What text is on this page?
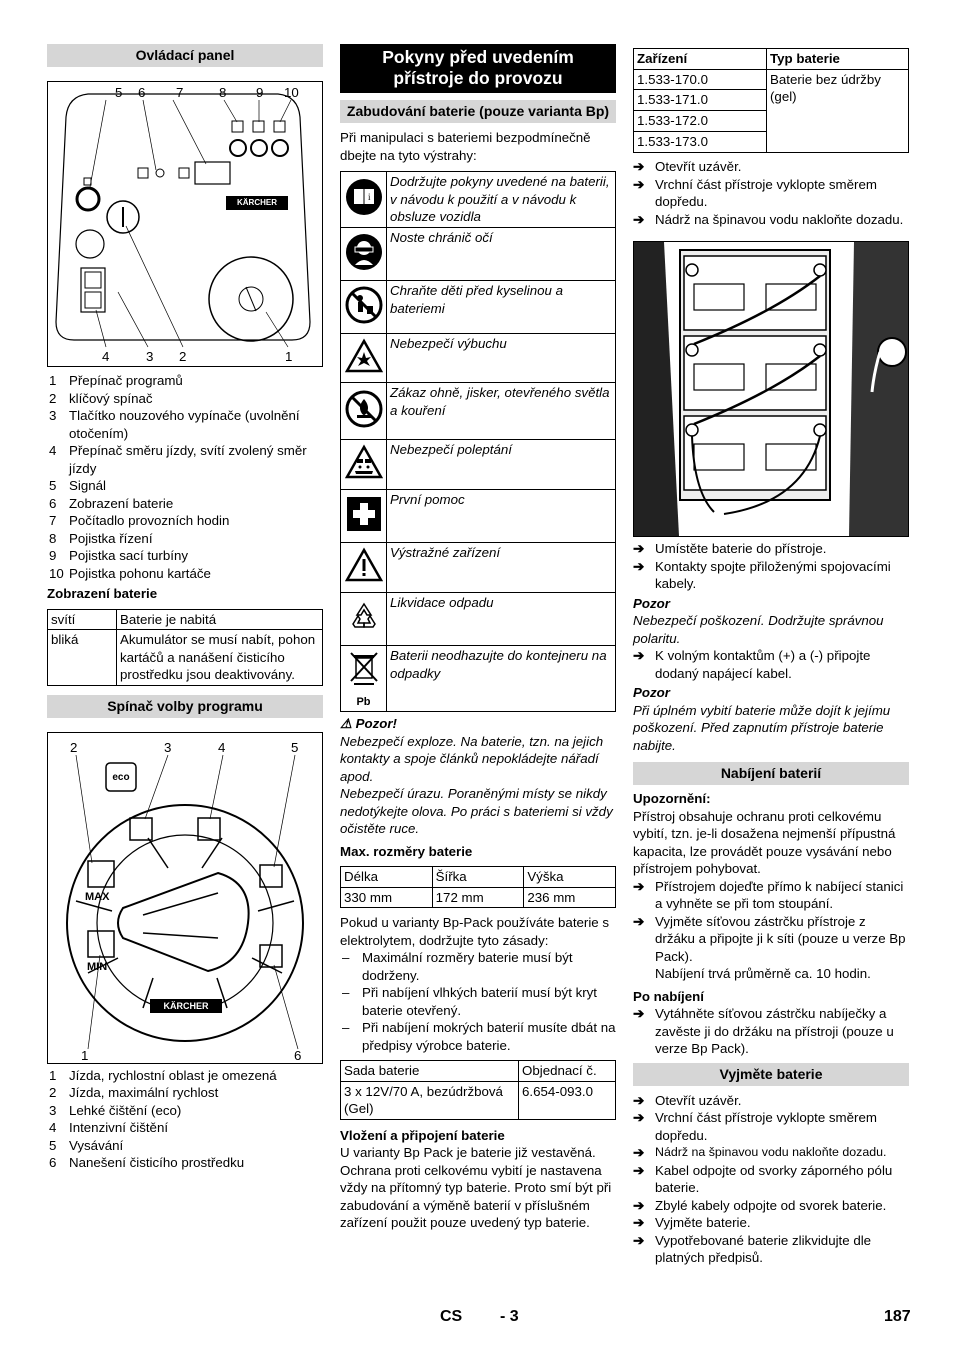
Ovládací panel
KÄRCHER
5 6 7	8 9 10
4	3 2	1
1 Přepínač programů
2 klíčový spínač
3 Tlačítko nouzového vypínače (uvolnění otočením)
4 Přepínač směru jízdy, svítí zvolený směr jízdy
5 Signál
6 Zobrazení baterie
7 Počítadlo provozních hodin
8 Pojistka řízení
9 Pojistka sací turbíny
10 Pojistka pohonu kartáče
Zobrazení baterie
svítí	Baterie je nabitá
bliká	Akumulátor se musí nabít, pohon kartáčů a nanášení čisticího prostředku jsou deaktivovány.
Spínač volby programu
eco
MAX
MIN
KÄRCHER
2	3	4	5
1	6
1 Jízda, rychlostní oblast je omezená
2 Jízda, maximální rychlost
3 Lehké čištění (eco)
4 Intenzivní čištění
5 Vysávání
6 Nanešení čisticího prostředku
Pokyny před uvedením přístroje do provozu
Zabudování baterie (pouze varianta Bp)

Při manipulaci s bateriemi bezpodmínečně dbejte na tyto výstrahy:

i	Dodržujte pokyny uvedené na baterii, v návodu k použití a v návodu k obsluze vozidla
	Noste chránič očí
	Chraňte děti před kyselinou a bateriemi
	Nebezpečí výbuchu
	Zákaz ohně, jisker, otevřeného světla a kouření
	Nebezpečí poleptání
	První pomoc
	Výstražné zařízení
	Likvidace odpadu

Pb	Baterii neodhazujte do kontejneru na odpadky
⚠ Pozor!

Nebezpečí exploze. Na baterie, tzn. na jejich kontakty a spoje článků nepokládejte nářadí apod.

Nebezpečí úrazu. Poraněnými místy se nikdy nedotýkejte olova. Po práci s bateriemi si vždy očistěte ruce.

Max. rozměry baterie
Délka	Šířka	Výška
330 mm	172 mm	236 mm

Pokud u varianty Bp-Pack používáte baterie s elektrolytem, dodržujte tyto zásady:

– Maximální rozměry baterie musí být dodrženy.
– Při nabíjení vlhkých baterií musí být kryt baterie otevřený.
– Při nabíjení mokrých baterií musíte dbát na předpisy výrobce baterie.
Sada baterie	Objednací č.
3 x 12V/70 A, bezúdržbová (Gel)	6.654-093.0
Vložení a připojení baterie

U varianty Bp Pack je baterie již vestavěná. Ochrana proti celkovému vybití je nastavena vždy na přítomný typ baterie. Proto smí být při zabudování a výměně baterií v příslušném zařízení použit pouze uvedený typ baterie.

Zařízení	Typ baterie
1.533-170.0	Baterie bez údržby (gel)
1.533-171.0	
1.533-172.0	
1.533-173.0	
➔ Otevřít uzávěr.
➔ Vrchní část přístroje vyklopte směrem dopředu.
➔ Nádrž na špinavou vodu nakloňte dozadu.
➔ Umístěte baterie do přístroje.
➔ Kontakty spojte přiloženými spojovacími kabely.
Pozor

Nebezpečí poškození. Dodržujte správnou polaritu.

➔ K volným kontaktům (+) a (-) připojte dodaný napájecí kabel.
Pozor

Při úplném vybití baterie může dojít k jejímu poškození. Před zapnutím přístroje baterie nabijte.

Nabíjení baterií
Upozornění:

Přístroj obsahuje ochranu proti celkovému vybití, tzn. je-li dosažena nejmenší přípustná kapacita, lze provádět pouze vysávání nebo přístrojem pohybovat.

➔ Přístrojem dojeďte přímo k nabíjecí stanici a vyhněte se při tom stoupání.
➔ Vyjměte síťovou zástrčku přístroje z držáku a připojte ji k síti (pouze u verze Bp Pack).

Nabíjení trvá průměrně ca. 10 hodin.

Po nabíjení
➔ Vytáhněte síťovou zástrčku nabíječky a zavěste ji do držáku na přístroji (pouze u verze Bp Pack).
Vyjměte baterie
➔ Otevřít uzávěr.
➔ Vrchní část přístroje vyklopte směrem dopředu.
➔ Nádrž na špinavou vodu nakloňte dozadu.
➔ Kabel odpojte od svorky záporného pólu baterie.
➔ Zbylé kabely odpojte od svorek baterie.
➔ Vyjměte baterie.
➔ Vypotřebované baterie zlikvidujte dle platných předpisů.
CS - 3	187
